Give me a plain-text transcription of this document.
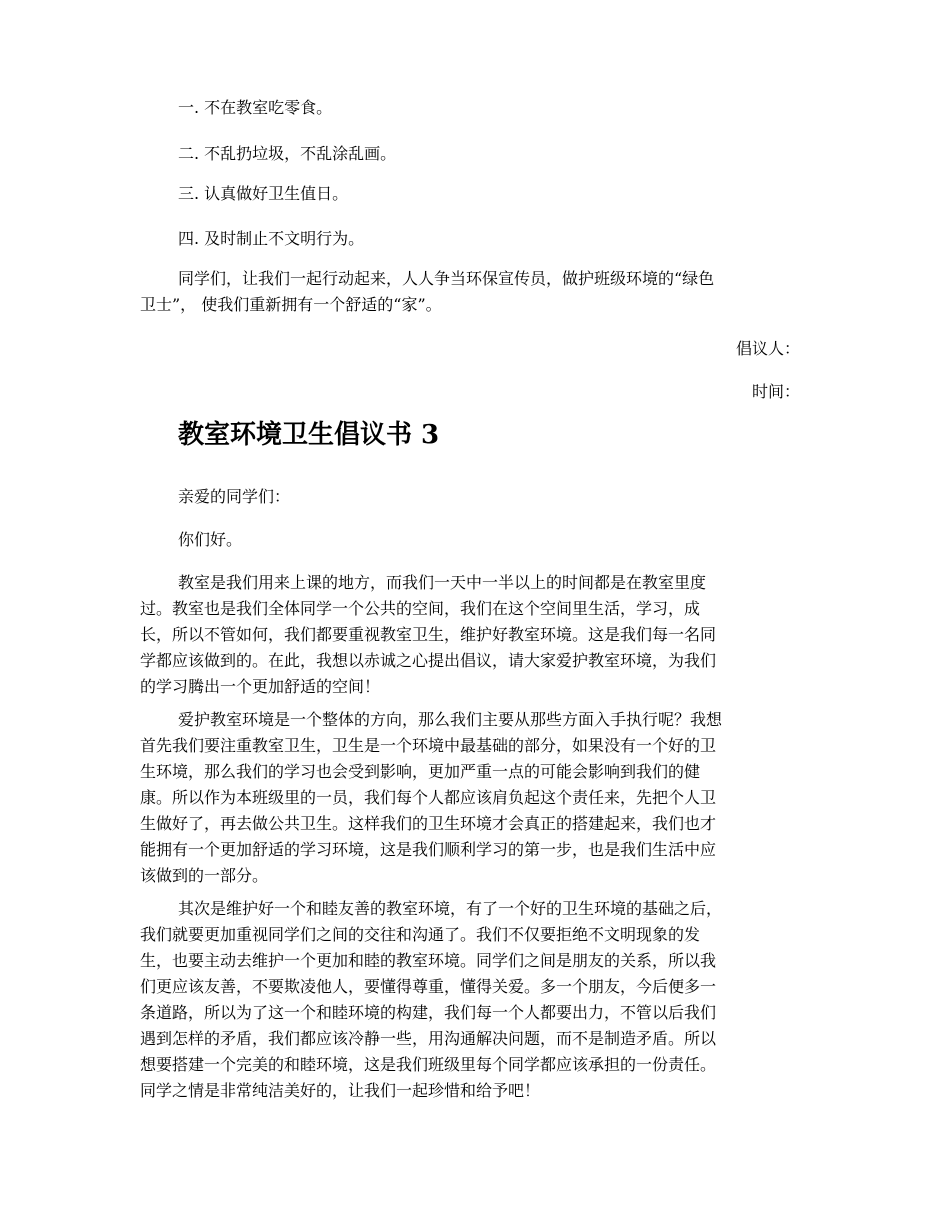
一. 不在教室吃零食。
二. 不乱扔垃圾，不乱涂乱画。
三. 认真做好卫生值日。
四. 及时制止不文明行为。
同学们，让我们一起行动起来，人人争当环保宣传员，做护班级环境的“绿色
卫士”， 使我们重新拥有一个舒适的“家”。
倡议人：
时间：
教室环境卫生倡议书 3
亲爱的同学们：
你们好。
教室是我们用来上课的地方，而我们一天中一半以上的时间都是在教室里度
过。教室也是我们全体同学一个公共的空间，我们在这个空间里生活，学习，成
长，所以不管如何，我们都要重视教室卫生，维护好教室环境。这是我们每一名同
学都应该做到的。在此，我想以赤诚之心提出倡议，请大家爱护教室环境，为我们
的学习腾出一个更加舒适的空间！
爱护教室环境是一个整体的方向，那么我们主要从那些方面入手执行呢？我想
首先我们要注重教室卫生，卫生是一个环境中最基础的部分，如果没有一个好的卫
生环境，那么我们的学习也会受到影响，更加严重一点的可能会影响到我们的健
康。所以作为本班级里的一员，我们每个人都应该肩负起这个责任来，先把个人卫
生做好了，再去做公共卫生。这样我们的卫生环境才会真正的搭建起来，我们也才
能拥有一个更加舒适的学习环境，这是我们顺利学习的第一步，也是我们生活中应
该做到的一部分。
其次是维护好一个和睦友善的教室环境，有了一个好的卫生环境的基础之后，
我们就要更加重视同学们之间的交往和沟通了。我们不仅要拒绝不文明现象的发
生，也要主动去维护一个更加和睦的教室环境。同学们之间是朋友的关系，所以我
们更应该友善，不要欺凌他人，要懂得尊重，懂得关爱。多一个朋友，今后便多一
条道路，所以为了这一个和睦环境的构建，我们每一个人都要出力，不管以后我们
遇到怎样的矛盾，我们都应该冷静一些，用沟通解决问题，而不是制造矛盾。所以
想要搭建一个完美的和睦环境，这是我们班级里每个同学都应该承担的一份责任。
同学之情是非常纯洁美好的，让我们一起珍惜和给予吧！
